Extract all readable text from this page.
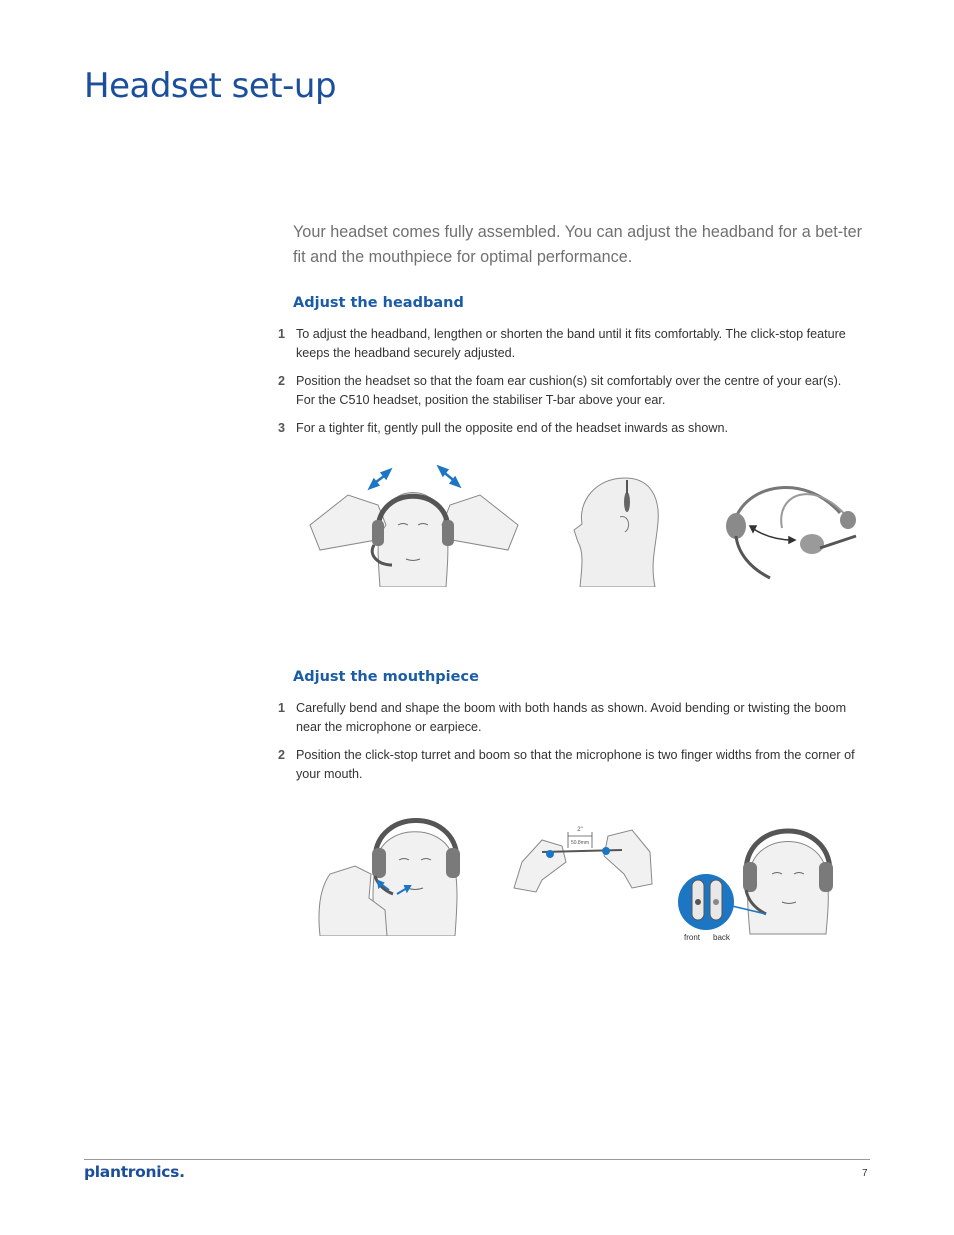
Headset set-up

Your headset comes fully assembled. You can adjust the headband for a bet-ter fit and the mouthpiece for optimal performance.

Adjust the headband
1 To adjust the headband, lengthen or shorten the band until it fits comfortably. The click-stop feature keeps the headband securely adjusted.
2 Position the headset so that the foam ear cushion(s) sit comfortably over the centre of your ear(s). For the C510 headset, position the stabiliser T-bar above your ear.
3 For a tighter fit, gently pull the opposite end of the headset inwards as shown.
Adjust the mouthpiece
1 Carefully bend and shape the boom with both hands as shown. Avoid bending or twisting the boom near the microphone or earpiece.
2 Position the click-stop turret and boom so that the microphone is two finger widths from the corner of your mouth.
2"
50.8mm
front back
plantronics.	7
